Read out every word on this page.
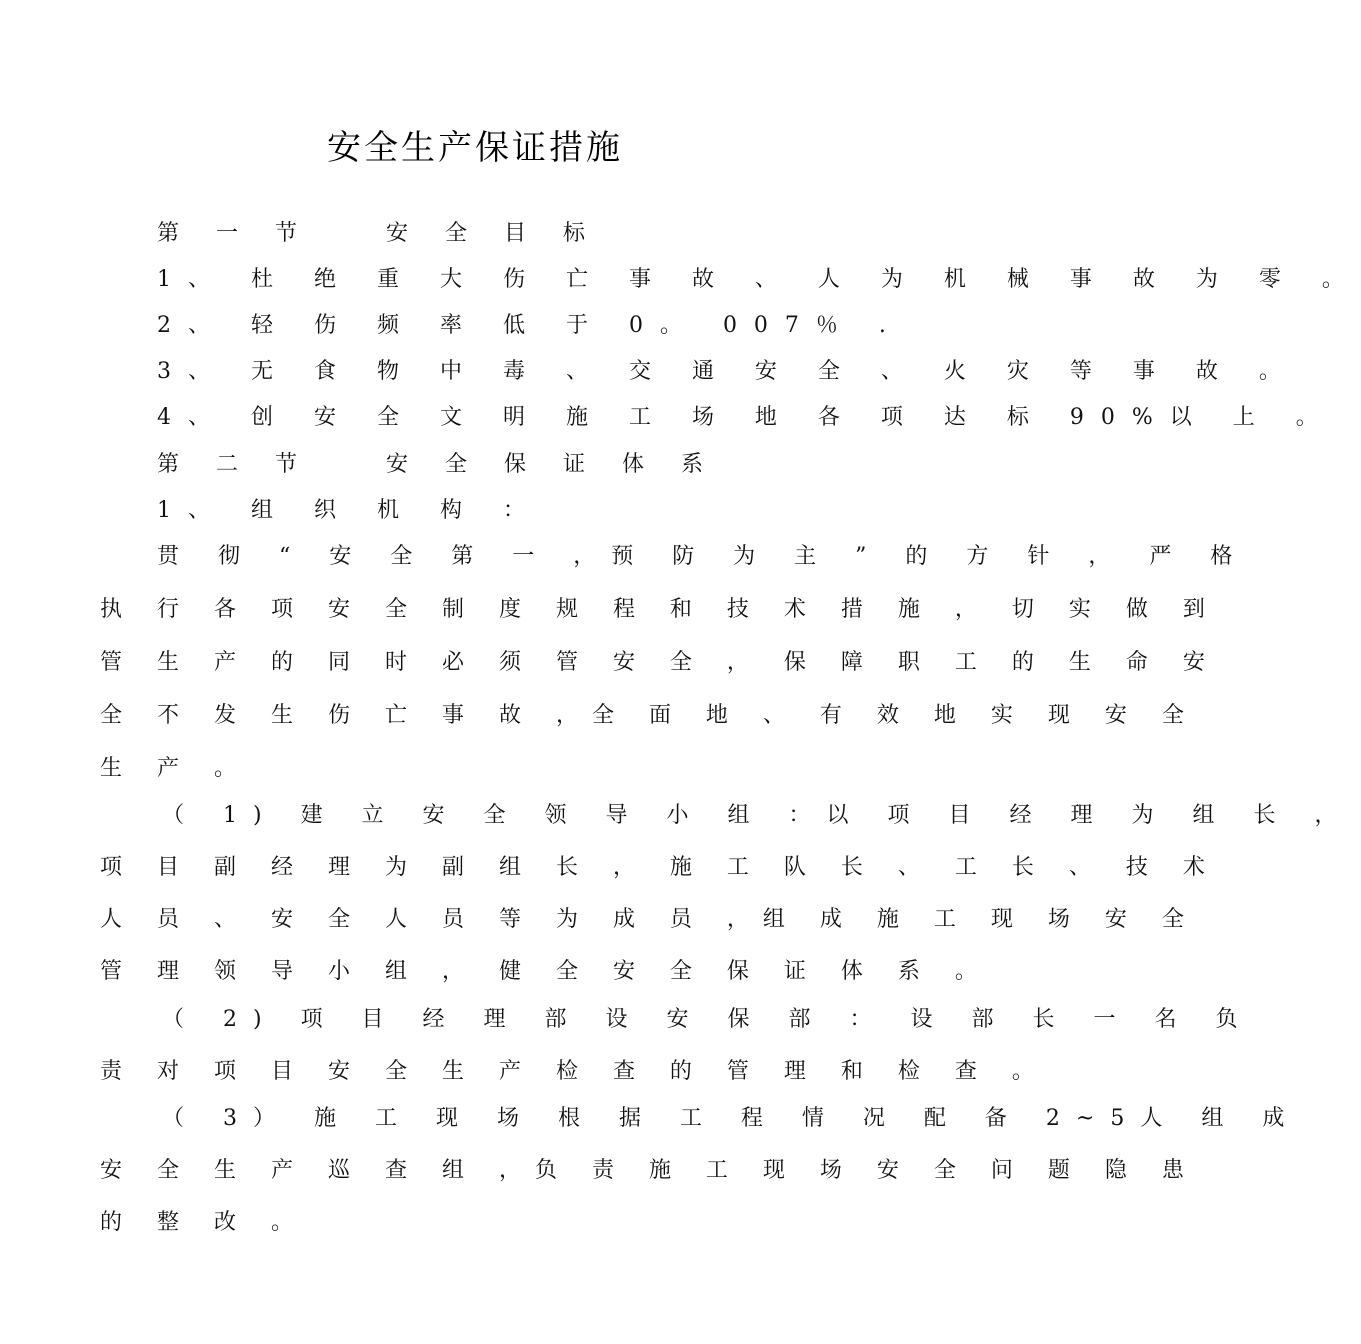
安全生产保证措施
第 一 节　　安 全 目 标
1、 杜 绝 重 大 伤 亡 事 故 、 人 为 机 械 事 故 为 零 。
2、 轻 伤 频 率 低 于 0。 007％ .
3、 无 食 物 中 毒 、 交 通 安 全 、 火 灾 等 事 故 。
4、 创 安 全 文 明 施 工 场 地 各 项 达 标 90%以 上 。
第 二 节　　安 全 保 证 体 系
1、 组 织 机 构 ：
贯 彻 “ 安 全 第 一 ，预 防 为 主 ” 的 方 针 ， 严 格
执 行 各 项 安 全 制 度 规 程 和 技 术 措 施 ， 切 实 做 到
管 生 产 的 同 时 必 须 管 安 全 ， 保 障 职 工 的 生 命 安
全 不 发 生 伤 亡 事 故 ，全 面 地 、 有 效 地 实 现 安 全
生 产 。
（ 1) 建 立 安 全 领 导 小 组 ：以 项 目 经 理 为 组 长 ，
项 目 副 经 理 为 副 组 长 ， 施 工 队 长 、 工 长 、 技 术
人 员 、 安 全 人 员 等 为 成 员 ，组 成 施 工 现 场 安 全
管 理 领 导 小 组 ， 健 全 安 全 保 证 体 系 。
（ 2) 项 目 经 理 部 设 安 保 部 ： 设 部 长 一 名 负
责 对 项 目 安 全 生 产 检 查 的 管 理 和 检 查 。
（ 3） 施 工 现 场 根 据 工 程 情 况 配 备 2~5人 组 成
安 全 生 产 巡 查 组 ，负 责 施 工 现 场 安 全 问 题 隐 患
的 整 改 。
